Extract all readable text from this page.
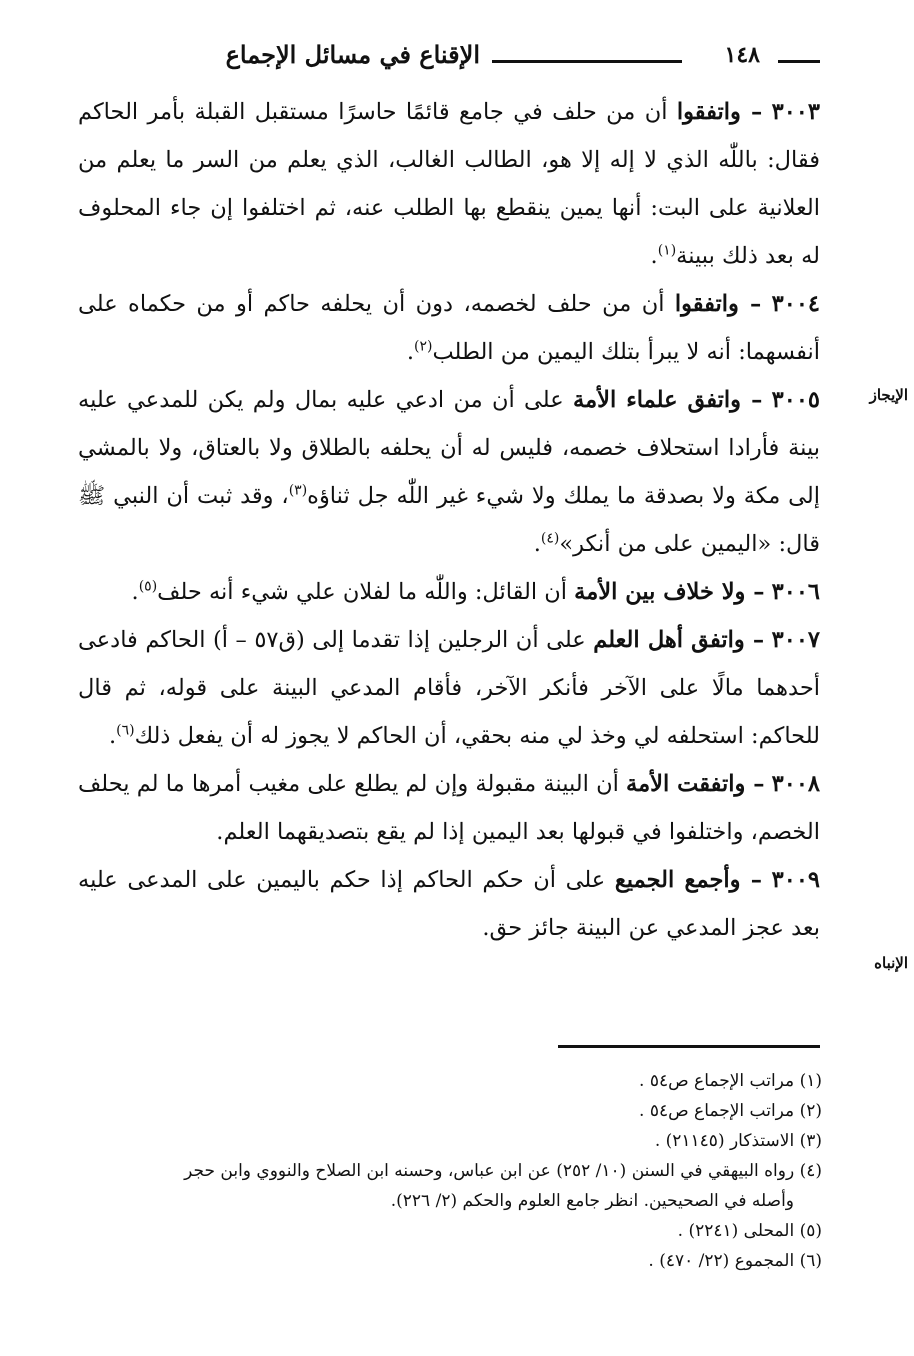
١٤٨
الإقناع في مسائل الإجماع
الإيجاز
الإنباه

٣٠٠٣ – واتفقوا أن من حلف في جامع قائمًا حاسرًا مستقبل القبلة بأمر الحاكم فقال: باللّٰه الذي لا إله إلا هو، الطالب الغالب، الذي يعلم من السر ما يعلم من العلانية على البت: أنها يمين ينقطع بها الطلب عنه، ثم اختلفوا إن جاء المحلوف له بعد ذلك ببينة$^{(١)}$.

٣٠٠٤ – واتفقوا أن من حلف لخصمه، دون أن يحلفه حاكم أو من حكماه على أنفسهما: أنه لا يبرأ بتلك اليمين من الطلب$^{(٢)}$.

٣٠٠٥ – واتفق علماء الأمة على أن من ادعي عليه بمال ولم يكن للمدعي عليه بينة فأرادا استحلاف خصمه، فليس له أن يحلفه بالطلاق ولا بالعتاق، ولا بالمشي إلى مكة ولا بصدقة ما يملك ولا شيء غير اللّٰه جل ثناؤه$^{(٣)}$، وقد ثبت أن النبي ﷺ قال: «اليمين على من أنكر»$^{(٤)}$.

٣٠٠٦ – ولا خلاف بين الأمة أن القائل: واللّٰه ما لفلان علي شيء أنه حلف$^{(٥)}$.

٣٠٠٧ – واتفق أهل العلم على أن الرجلين إذا تقدما إلى (ق٥٧ – أ) الحاكم فادعى أحدهما مالًا على الآخر فأنكر الآخر، فأقام المدعي البينة على قوله، ثم قال للحاكم: استحلفه لي وخذ لي منه بحقي، أن الحاكم لا يجوز له أن يفعل ذلك$^{(٦)}$.

٣٠٠٨ – واتفقت الأمة أن البينة مقبولة وإن لم يطلع على مغيب أمرها ما لم يحلف الخصم، واختلفوا في قبولها بعد اليمين إذا لم يقع بتصديقهما العلم.

٣٠٠٩ – وأجمع الجميع على أن حكم الحاكم إذا حكم باليمين على المدعى عليه بعد عجز المدعي عن البينة جائز حق.

(١) مراتب الإجماع ص٥٤ .

(٢) مراتب الإجماع ص٥٤ .

(٣) الاستذكار (٢١١٤٥) .

(٤) رواه البيهقي في السنن (١٠/ ٢٥٢) عن ابن عباس، وحسنه ابن الصلاح والنووي وابن حجر

وأصله في الصحيحين. انظر جامع العلوم والحكم (٢/ ٢٢٦).

(٥) المحلى (٢٢٤١) .

(٦) المجموع (٢٢/ ٤٧٠) .
